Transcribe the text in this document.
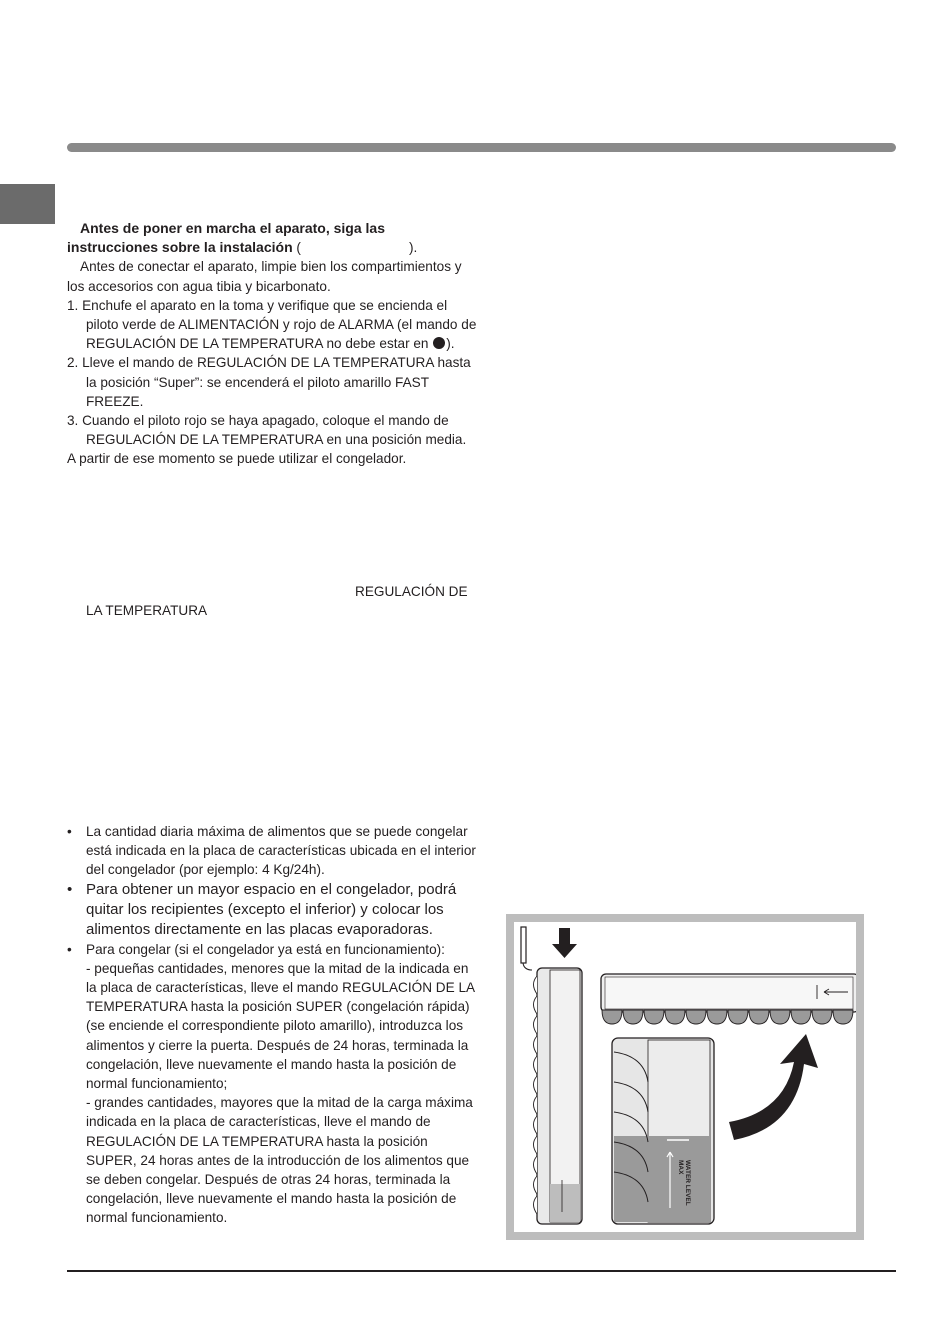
Antes de poner en marcha el aparato, siga las

instrucciones sobre la instalación (	).

Antes de conectar el aparato, limpie bien los compartimientos y los accesorios con agua tibia y bicarbonato.

1. Enchufe el aparato en la toma y verifique que se encienda el piloto verde de ALIMENTACIÓN y rojo de ALARMA (el mando de REGULACIÓN DE LA TEMPERATURA no debe estar en ).

2. Lleve el mando de REGULACIÓN DE LA TEMPERATURA hasta la posición “Super”: se encenderá el piloto amarillo FAST FREEZE.

3. Cuando el piloto rojo se haya apagado, coloque el mando de REGULACIÓN DE LA TEMPERATURA en una posición media.

A partir de ese momento se puede utilizar el congelador.

REGULACIÓN DE
LA TEMPERATURA

• La cantidad diaria máxima de alimentos que se puede congelar está indicada en la placa de características ubicada en el interior del congelador (por ejemplo: 4 Kg/24h).

• Para obtener un mayor espacio en el congelador, podrá quitar los recipientes (excepto el inferior) y colocar los alimentos directamente en las placas evaporadoras.

• Para congelar (si el congelador ya está en funcionamiento):

- pequeñas cantidades, menores que la mitad de la indicada en la placa de características, lleve el mando REGULACIÓN DE LA TEMPERATURA hasta la posición SUPER (congelación rápida) (se enciende el correspondiente piloto amarillo), introduzca los alimentos y cierre la puerta. Después de 24 horas, terminada la congelación, lleve nuevamente el mando hasta la posición de normal funcionamiento;

- grandes cantidades, mayores que la mitad de la carga máxima indicada en la placa de características, lleve el mando de REGULACIÓN DE LA TEMPERATURA hasta la posición SUPER, 24 horas antes de la introducción de los alimentos que se deben congelar. Después de otras 24 horas, terminada la congelación, lleve nuevamente el mando hasta la posición de normal funcionamiento.

MAX WATER LEVEL
